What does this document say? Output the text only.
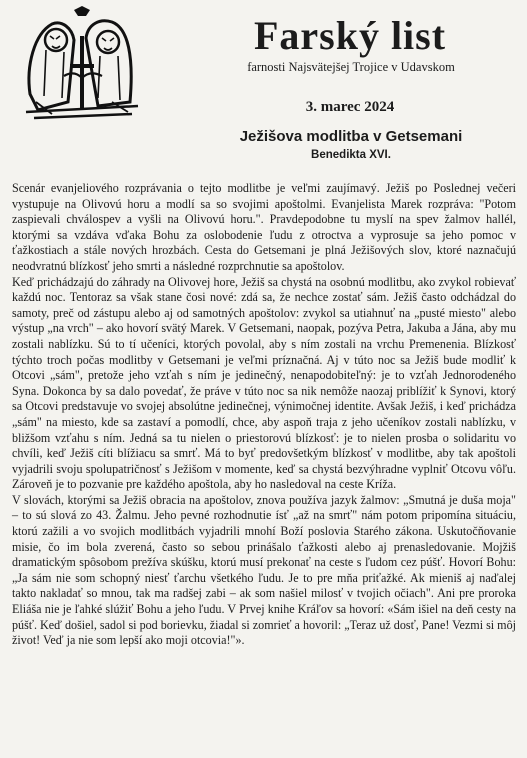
Farský list
farnosti Najsvätejšej Trojice v Udavskom
3. marec 2024
Ježišova modlitba v Getsemani
Benedikta XVI.

Scenár evanjeliového rozprávania o tejto modlitbe je veľmi zaujímavý. Ježiš po Poslednej večeri vystupuje na Olivovú horu a modlí sa so svojimi apoštolmi. Evanjelista Marek rozpráva: "Potom zaspievali chválospev a vyšli na Olivovú horu.". Pravdepodobne tu myslí na spev žalmov hallél, ktorými sa vzdáva vďaka Bohu za oslobodenie ľudu z otroctva a vyprosuje sa jeho pomoc v ťažkostiach a stále nových hrozbách. Cesta do Getsemani je plná Ježišových slov, ktoré naznačujú neodvratnú blízkosť jeho smrti a následné rozprchnutie sa apoštolov.

Keď prichádzajú do záhrady na Olivovej hore, Ježiš sa chystá na osobnú modlitbu, ako zvykol robievať každú noc. Tentoraz sa však stane čosi nové: zdá sa, že nechce zostať sám. Ježiš často odchádzal do samoty, preč od zástupu alebo aj od samotných apoštolov: zvykol sa utiahnuť na „pusté miesto" alebo výstup „na vrch" – ako hovorí svätý Marek. V Getsemani, naopak, pozýva Petra, Jakuba a Jána, aby mu zostali nablízku. Sú to tí učeníci, ktorých povolal, aby s ním zostali na vrchu Premenenia. Blízkosť týchto troch počas modlitby v Getsemani je veľmi príznačná. Aj v túto noc sa Ježiš bude modliť k Otcovi „sám", pretože jeho vzťah s ním je jedinečný, nenapodobiteľný: je to vzťah Jednorodeného Syna. Dokonca by sa dalo povedať, že práve v túto noc sa nik nemôže naozaj priblížiť k Synovi, ktorý sa Otcovi predstavuje vo svojej absolútne jedinečnej, výnimočnej identite. Avšak Ježiš, i keď prichádza „sám" na miesto, kde sa zastaví a pomodlí, chce, aby aspoň traja z jeho učeníkov zostali nablízku, v bližšom vzťahu s ním. Jedná sa tu nielen o priestorovú blízkosť: je to nielen prosba o solidaritu vo chvíli, keď Ježiš cíti blížiacu sa smrť. Má to byť predovšetkým blízkosť v modlitbe, aby tak apoštoli vyjadrili svoju spolupatričnosť s Ježišom v momente, keď sa chystá bezvýhradne vyplniť Otcovu vôľu. Zároveň je to pozvanie pre každého apoštola, aby ho nasledoval na ceste Kríža.

V slovách, ktorými sa Ježiš obracia na apoštolov, znova používa jazyk žalmov: „Smutná je duša moja" – to sú slová zo 43. Žalmu. Jeho pevné rozhodnutie ísť „až na smrť" nám potom pripomína situáciu, ktorú zažili a vo svojich modlitbách vyjadrili mnohí Boží poslovia Starého zákona. Uskutočňovanie misie, čo im bola zverená, často so sebou prinášalo ťažkosti alebo aj prenasledovanie. Mojžiš dramatickým spôsobom prežíva skúšku, ktorú musí prekonať na ceste s ľudom cez púšť. Hovorí Bohu: „Ja sám nie som schopný niesť ťarchu všetkého ľudu. Je to pre mňa priťažké. Ak mieniš aj naďalej takto nakladať so mnou, tak ma radšej zabi – ak som našiel milosť v tvojich očiach". Ani pre proroka Eliáša nie je ľahké slúžiť Bohu a jeho ľudu. V Prvej knihe Kráľov sa hovorí: «Sám išiel na deň cesty na púšť. Keď došiel, sadol si pod borievku, žiadal si zomrieť a hovoril: „Teraz už dosť, Pane! Vezmi si môj život! Veď ja nie som lepší ako moji otcovia!"».
